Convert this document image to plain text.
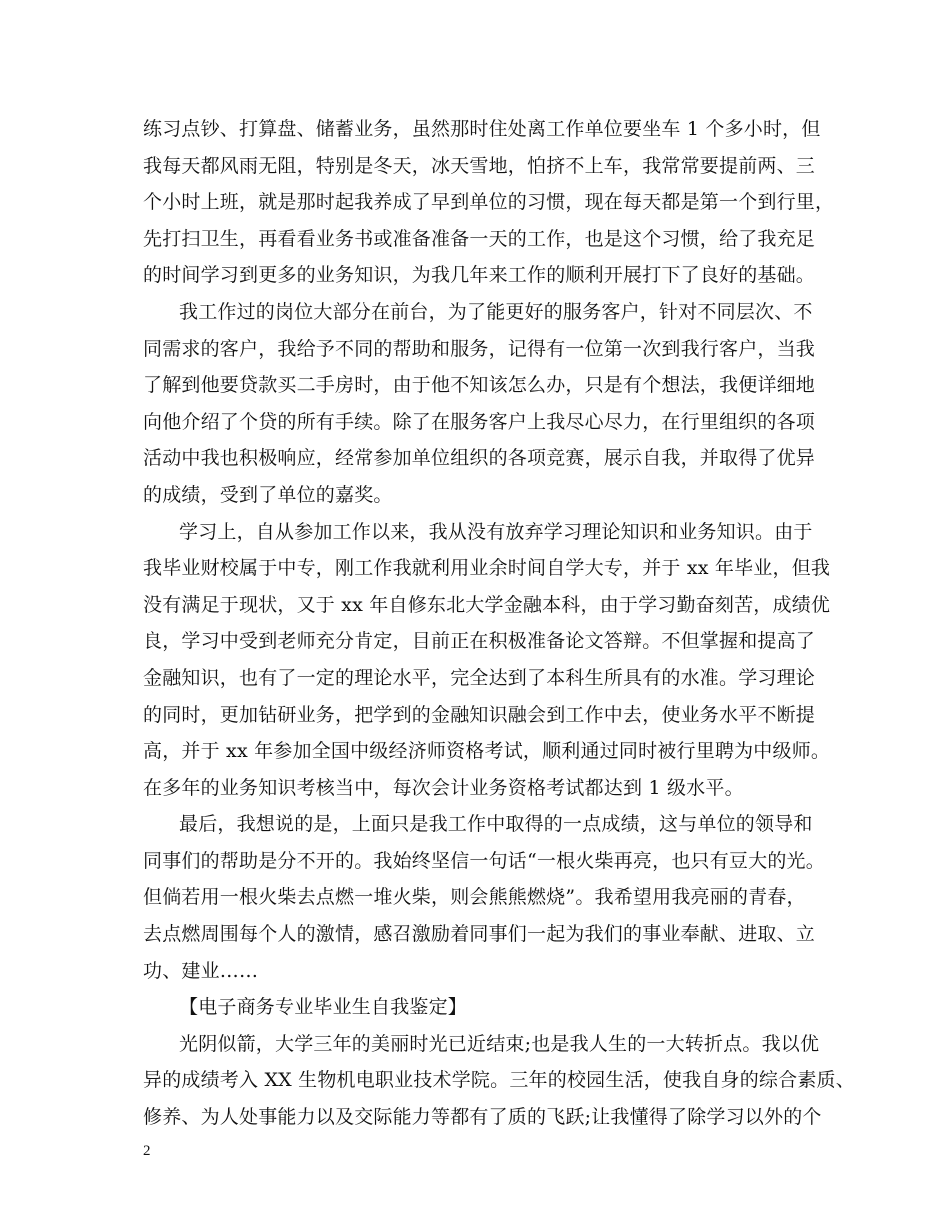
练习点钞、打算盘、储蓄业务，虽然那时住处离工作单位要坐车 1 个多小时，但
我每天都风雨无阻，特别是冬天，冰天雪地，怕挤不上车，我常常要提前两、三
个小时上班，就是那时起我养成了早到单位的习惯，现在每天都是第一个到行里，
先打扫卫生，再看看业务书或准备准备一天的工作，也是这个习惯，给了我充足
的时间学习到更多的业务知识，为我几年来工作的顺利开展打下了良好的基础。
我工作过的岗位大部分在前台，为了能更好的服务客户，针对不同层次、不
同需求的客户，我给予不同的帮助和服务，记得有一位第一次到我行客户，当我
了解到他要贷款买二手房时，由于他不知该怎么办，只是有个想法，我便详细地
向他介绍了个贷的所有手续。除了在服务客户上我尽心尽力，在行里组织的各项
活动中我也积极响应，经常参加单位组织的各项竞赛，展示自我，并取得了优异
的成绩，受到了单位的嘉奖。
学习上，自从参加工作以来，我从没有放弃学习理论知识和业务知识。由于
我毕业财校属于中专，刚工作我就利用业余时间自学大专，并于 xx 年毕业，但我
没有满足于现状，又于 xx 年自修东北大学金融本科，由于学习勤奋刻苦，成绩优
良，学习中受到老师充分肯定，目前正在积极准备论文答辩。不但掌握和提高了
金融知识，也有了一定的理论水平，完全达到了本科生所具有的水准。学习理论
的同时，更加钻研业务，把学到的金融知识融会到工作中去，使业务水平不断提
高，并于 xx 年参加全国中级经济师资格考试，顺利通过同时被行里聘为中级师。
在多年的业务知识考核当中，每次会计业务资格考试都达到 1 级水平。
最后，我想说的是，上面只是我工作中取得的一点成绩，这与单位的领导和
同事们的帮助是分不开的。我始终坚信一句话“一根火柴再亮，也只有豆大的光。
但倘若用一根火柴去点燃一堆火柴，则会熊熊燃烧”。我希望用我亮丽的青春，
去点燃周围每个人的激情，感召激励着同事们一起为我们的事业奉献、进取、立
功、建业……
【电子商务专业毕业生自我鉴定】
光阴似箭，大学三年的美丽时光已近结束;也是我人生的一大转折点。我以优
异的成绩考入 XX 生物机电职业技术学院。三年的校园生活，使我自身的综合素质、
修养、为人处事能力以及交际能力等都有了质的飞跃;让我懂得了除学习以外的个
2
